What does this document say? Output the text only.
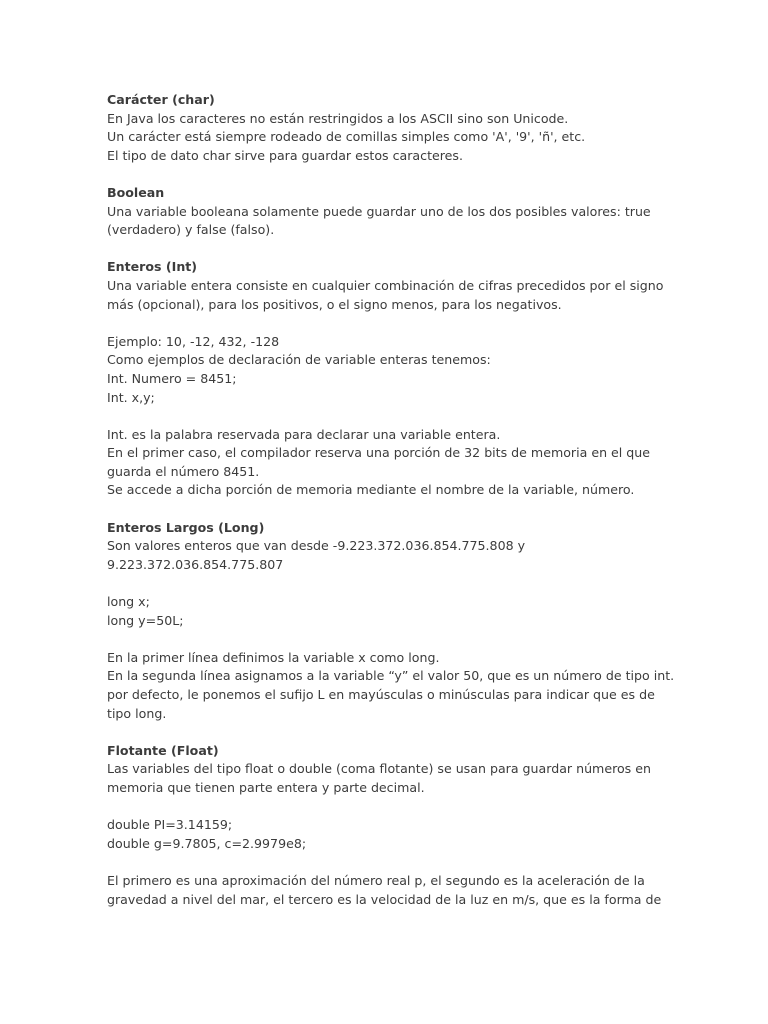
Carácter (char)
En Java los caracteres no están restringidos a los ASCII sino son Unicode.
Un carácter está siempre rodeado de comillas simples como 'A', '9', 'ñ', etc.
El tipo de dato char sirve para guardar estos caracteres.
Boolean
Una variable booleana solamente puede guardar uno de los dos posibles valores: true
(verdadero) y false (falso).
Enteros (Int)
Una variable entera consiste en cualquier combinación de cifras precedidos por el signo
más (opcional), para los positivos, o el signo menos, para los negativos.
Ejemplo: 10, -12, 432, -128
Como ejemplos de declaración de variable enteras tenemos:
Int. Numero = 8451;
Int. x,y;
Int. es la palabra reservada para declarar una variable entera.
En el primer caso, el compilador reserva una porción de 32 bits de memoria en el que
guarda el número 8451.
Se accede a dicha porción de memoria mediante el nombre de la variable, número.
Enteros Largos (Long)
Son valores enteros que van desde -9.223.372.036.854.775.808 y
9.223.372.036.854.775.807
long x;
long y=50L;
En la primer línea definimos la variable x como long.
En la segunda línea asignamos a la variable “y” el valor 50, que es un número de tipo int.
por defecto, le ponemos el sufijo L en mayúsculas o minúsculas para indicar que es de
tipo long.
Flotante (Float)
Las variables del tipo float o double (coma flotante) se usan para guardar números en
memoria que tienen parte entera y parte decimal.
double PI=3.14159;
double g=9.7805, c=2.9979e8;
El primero es una aproximación del número real p, el segundo es la aceleración de la
gravedad a nivel del mar, el tercero es la velocidad de la luz en m/s, que es la forma de
